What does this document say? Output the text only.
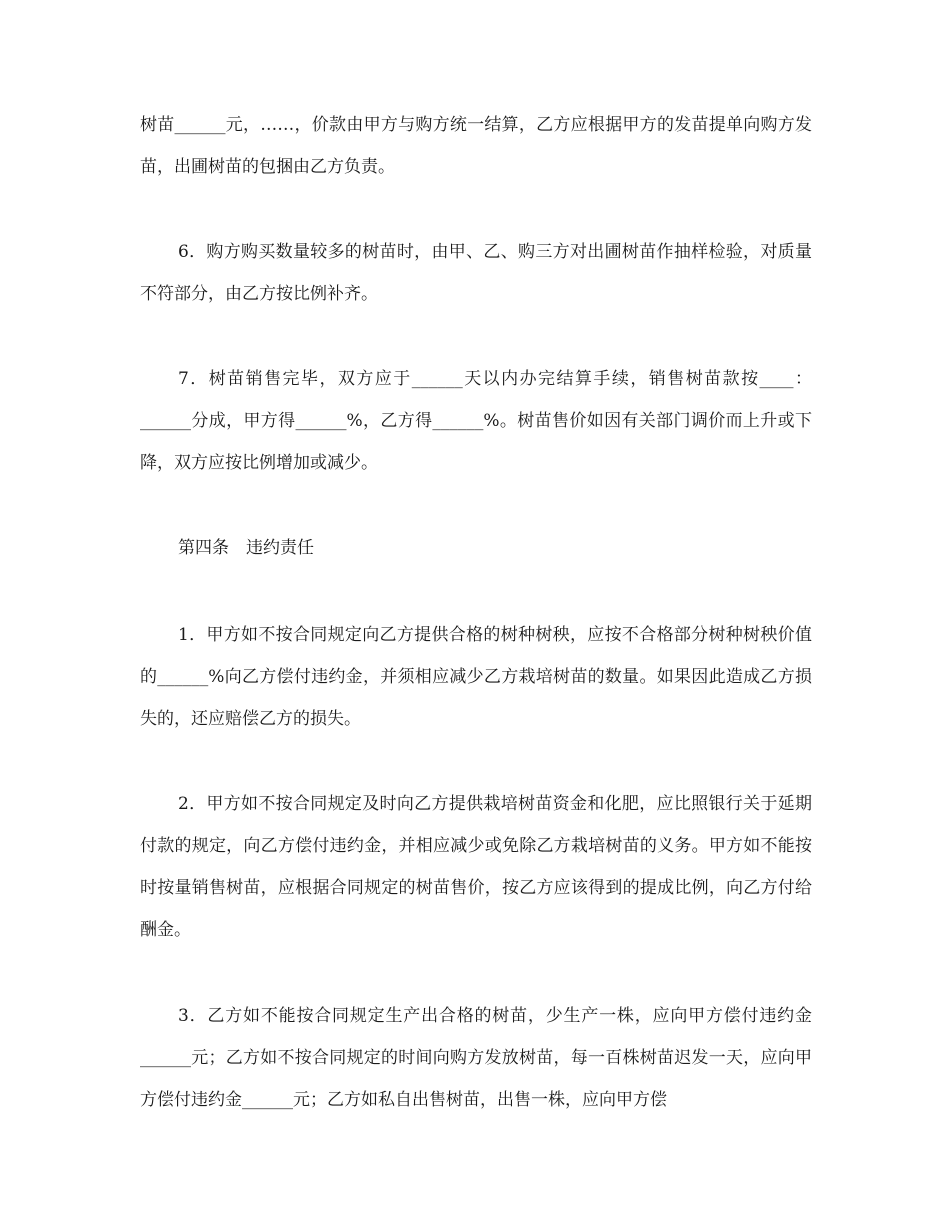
树苗______元，……，价款由甲方与购方统一结算，乙方应根据甲方的发苗提单向购方发苗，出圃树苗的包捆由乙方负责。

6．购方购买数量较多的树苗时，由甲、乙、购三方对出圃树苗作抽样检验，对质量不符部分，由乙方按比例补齐。

7．树苗销售完毕，双方应于______天以内办完结算手续，销售树苗款按____：______分成，甲方得______%，乙方得______%。树苗售价如因有关部门调价而上升或下降，双方应按比例增加或减少。

第四条　违约责任

1．甲方如不按合同规定向乙方提供合格的树种树秧，应按不合格部分树种树秧价值的______%向乙方偿付违约金，并须相应减少乙方栽培树苗的数量。如果因此造成乙方损失的，还应赔偿乙方的损失。

2．甲方如不按合同规定及时向乙方提供栽培树苗资金和化肥，应比照银行关于延期付款的规定，向乙方偿付违约金，并相应减少或免除乙方栽培树苗的义务。甲方如不能按时按量销售树苗，应根据合同规定的树苗售价，按乙方应该得到的提成比例，向乙方付给酬金。

3．乙方如不能按合同规定生产出合格的树苗，少生产一株，应向甲方偿付违约金______元；乙方如不按合同规定的时间向购方发放树苗，每一百株树苗迟发一天，应向甲方偿付违约金______元；乙方如私自出售树苗，出售一株，应向甲方偿
